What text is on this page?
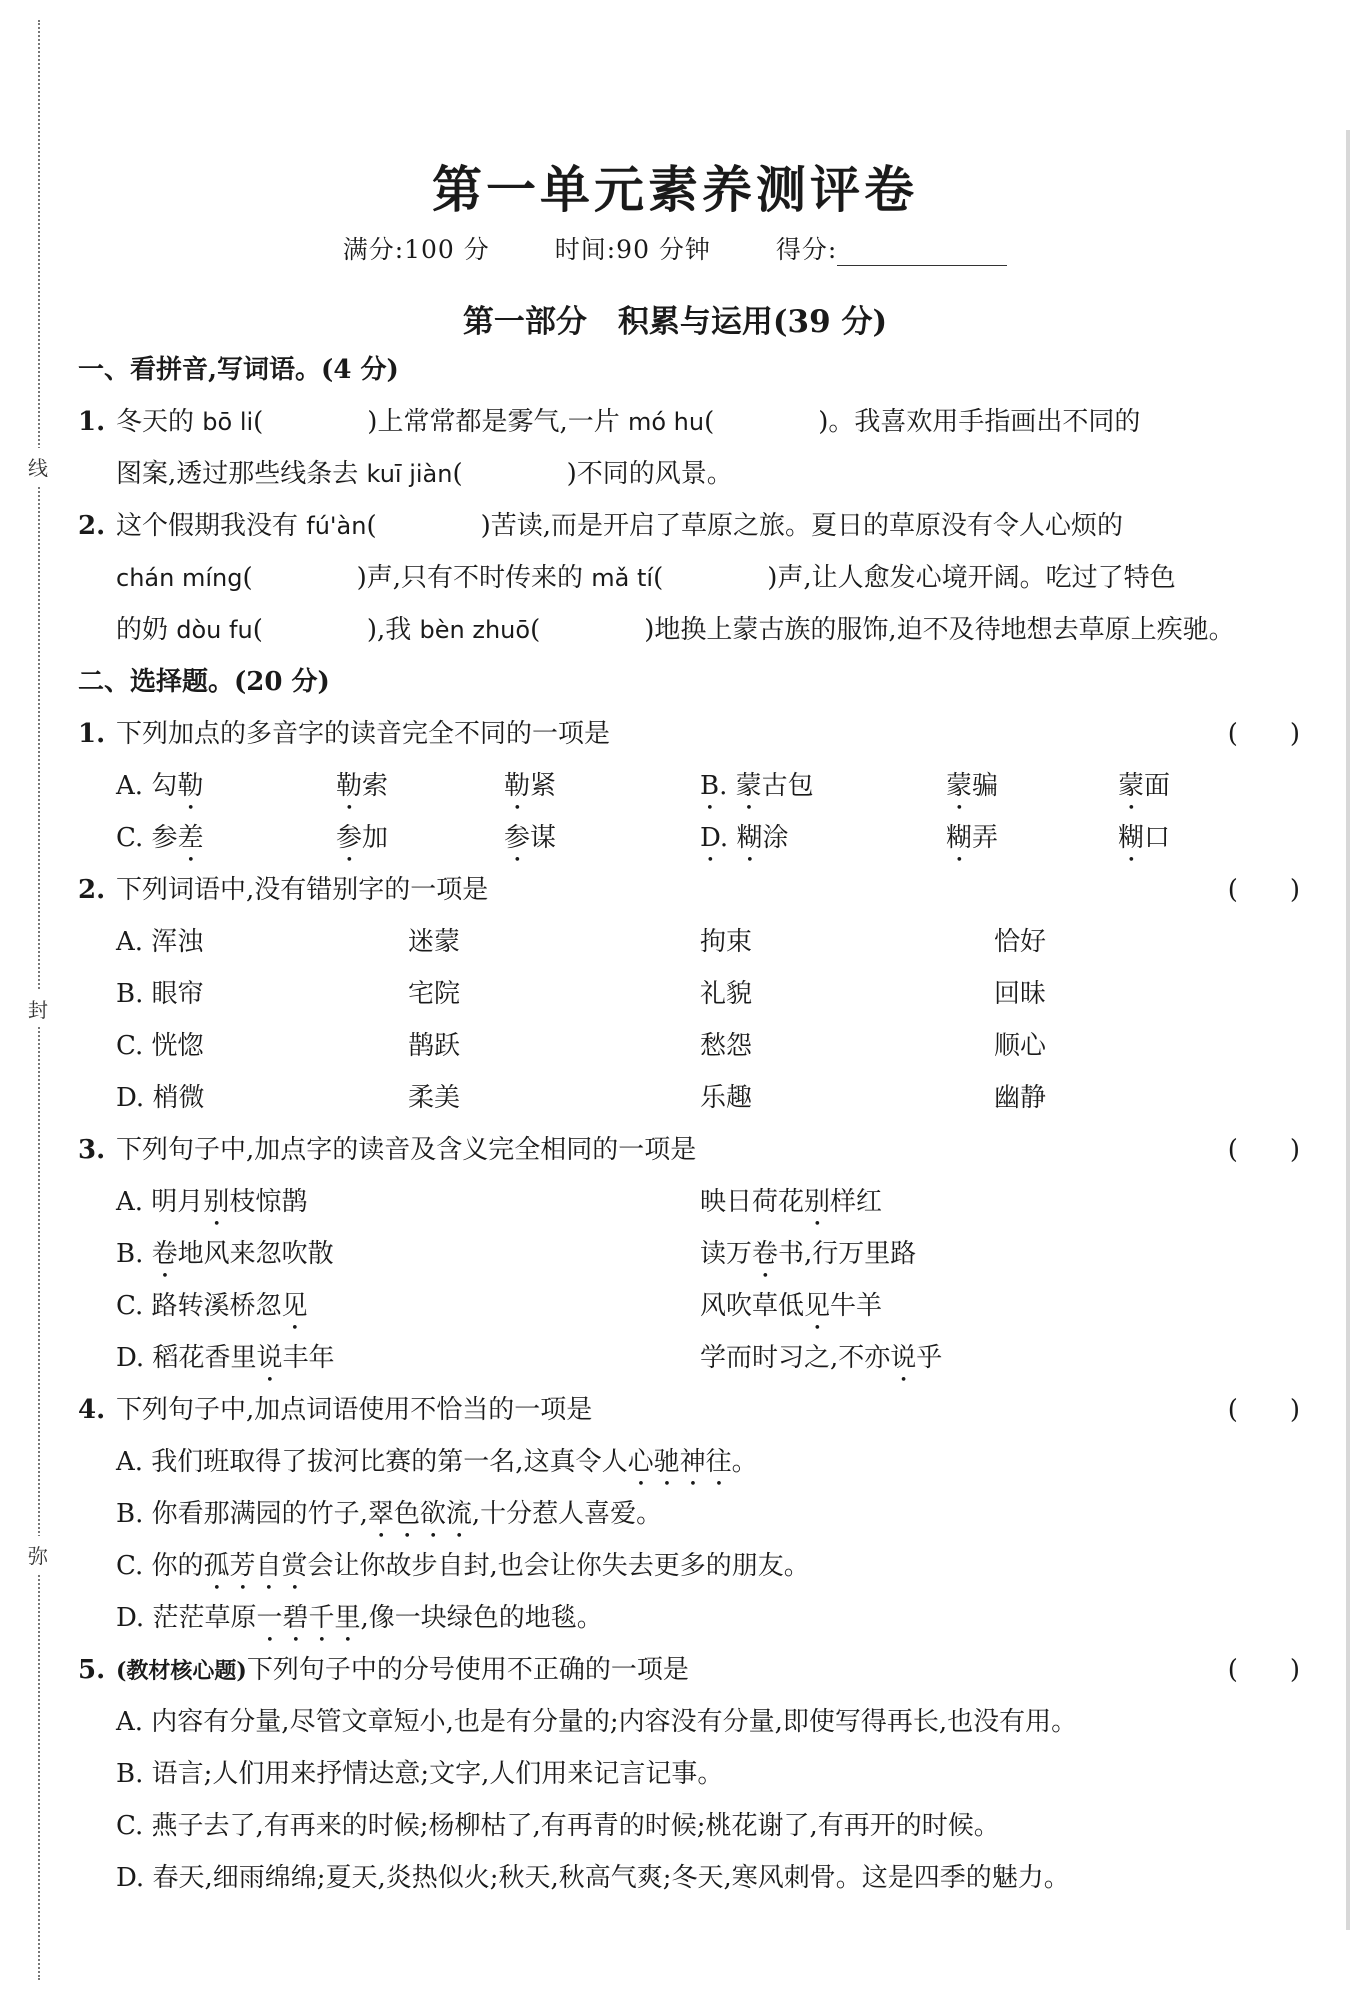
线
封
弥
第一单元素养测评卷
满分:100 分	时间:90 分钟	得分:
第一部分　积累与运用(39 分)
一、看拼音,写词语。(4 分)
1. 冬天的 bō li(　　　　)上常常都是雾气,一片 mó hu(　　　　)。我喜欢用手指画出不同的
图案,透过那些线条去 kuī jiàn(　　　　)不同的风景。
2. 这个假期我没有 fú'àn(　　　　)苦读,而是开启了草原之旅。夏日的草原没有令人心烦的
chán míng(　　　　)声,只有不时传来的 mǎ tí(　　　　)声,让人愈发心境开阔。吃过了特色
的奶 dòu fu(　　　　),我 bèn zhuō(　　　　)地换上蒙古族的服饰,迫不及待地想去草原上疾驰。
二、选择题。(20 分)
1. 下列加点的多音字的读音完全不同的一项是	(　　)
A. 勾勒	勒索	勒紧	B. 蒙古包	蒙骗	蒙面
C. 参差	参加	参谋	D. 糊涂	糊弄	糊口
2. 下列词语中,没有错别字的一项是	(　　)
A. 浑浊	迷蒙	拘束	恰好
B. 眼帘	宅院	礼貌	回昧
C. 恍惚	鹊跃	愁怨	顺心
D. 梢微	柔美	乐趣	幽静
3. 下列句子中,加点字的读音及含义完全相同的一项是	(　　)
A. 明月别枝惊鹊	映日荷花别样红
B. 卷地风来忽吹散	读万卷书,行万里路
C. 路转溪桥忽见	风吹草低见牛羊
D. 稻花香里说丰年	学而时习之,不亦说乎
4. 下列句子中,加点词语使用不恰当的一项是	(　　)
A. 我们班取得了拔河比赛的第一名,这真令人心驰神往。
B. 你看那满园的竹子,翠色欲流,十分惹人喜爱。
C. 你的孤芳自赏会让你故步自封,也会让你失去更多的朋友。
D. 茫茫草原一碧千里,像一块绿色的地毯。
5. (教材核心题)下列句子中的分号使用不正确的一项是	(　　)
A. 内容有分量,尽管文章短小,也是有分量的;内容没有分量,即使写得再长,也没有用。
B. 语言;人们用来抒情达意;文字,人们用来记言记事。
C. 燕子去了,有再来的时候;杨柳枯了,有再青的时候;桃花谢了,有再开的时候。
D. 春天,细雨绵绵;夏天,炎热似火;秋天,秋高气爽;冬天,寒风刺骨。这是四季的魅力。
